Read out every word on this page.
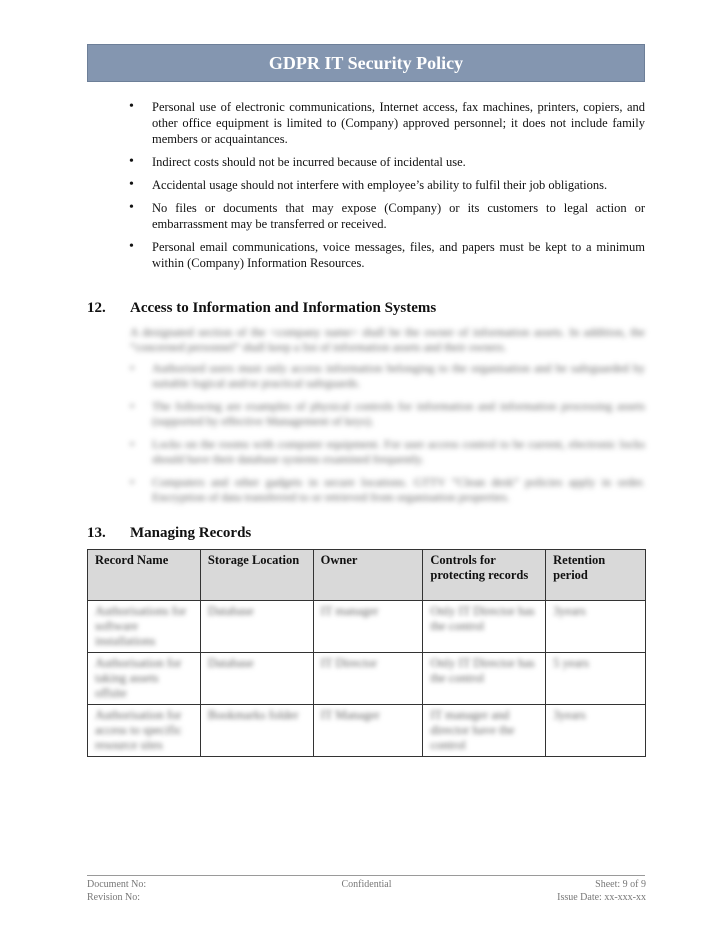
GDPR IT Security Policy
• Personal use of electronic communications, Internet access, fax machines, printers, copiers, and other office equipment is limited to (Company) approved personnel; it does not include family members or acquaintances.
• Indirect costs should not be incurred because of incidental use.
• Accidental usage should not interfere with employee’s ability to fulfil their job obligations.
• No files or documents that may expose (Company) or its customers to legal action or embarrassment may be transferred or received.
• Personal email communications, voice messages, files, and papers must be kept to a minimum within (Company) Information Resources.
12.	Access to Information and Information Systems

A designated section of the <company name> shall be the owner of information assets. In addition, the “concerned personnel” shall keep a list of information assets and their owners.

• Authorised users must only access information belonging to the organisation and be safeguarded by suitable logical and/or practical safeguards.
• The following are examples of physical controls for information and information processing assets (supported by effective Management of keys).
• Locks on the rooms with computer equipment. For user access control to be current, electronic locks should have their database systems examined frequently.
• Computers and other gadgets in secure locations. GTTV “Clean desk” policies apply in order. Encryption of data transferred to or retrieved from organisation properties.
13.	Managing Records
Record Name	Storage Location	Owner	Controls for protecting records	Retention period

Authorisations for software installations	Database	IT manager	Only IT Director has the control	3years

Authorisation for taking assets offsite	Database	IT Director	Only IT Director has the control	5 years

Authorisation for access to specific resource sites	Bookmarks folder	IT Manager	IT manager and director have the control	3years
Document No:
Revision No:
Confidential	Sheet: 9 of 9
Issue Date: xx-xxx-xx
